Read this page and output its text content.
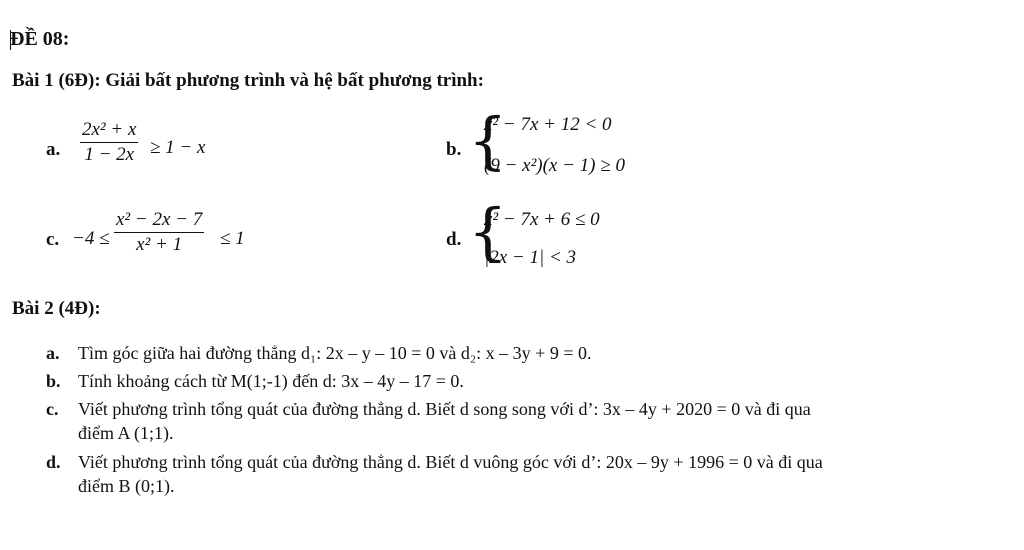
ĐỀ 08:
Bài 1 (6Đ): Giải bất phương trình và hệ bất phương trình:
a.
2x² + x
1 − 2x ≥ 1 − x	b. {
x² − 7x + 12 < 0
(9 − x²)(x − 1) ≥ 0
c. −4 ≤
x² − 2x − 7
x² + 1	≤ 1	d. {
x² − 7x + 6 ≤ 0
|2x − 1| < 3
Bài 2 (4Đ):
a. Tìm góc giữa hai đường thẳng d₁: 2x – y – 10 = 0 và d₂: x – 3y + 9 = 0.
b. Tính khoảng cách từ M(1;-1) đến d: 3x – 4y – 17 = 0.
c. Viết phương trình tổng quát của đường thẳng d. Biết d song song với d’: 3x – 4y + 2020 = 0 và đi qua
điểm A (1;1).
d. Viết phương trình tổng quát của đường thẳng d. Biết d vuông góc với d’: 20x – 9y + 1996 = 0 và đi qua
điểm B (0;1).
